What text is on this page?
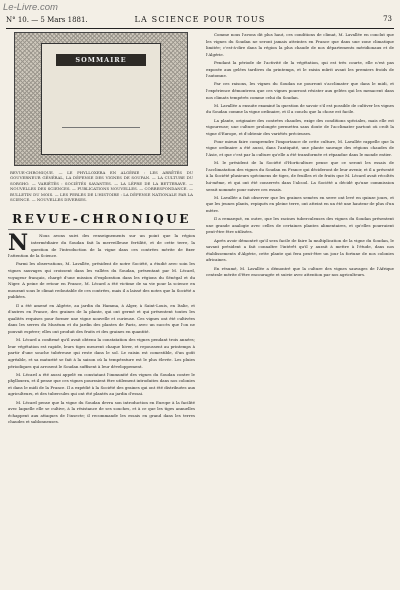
Le-Livre.com
N° 10. — 5 Mars 1881.	LA SCIENCE POUR TOUS	73
SOMMAIRE
REVUE-CHRONIQUE. — LE PHYLLOXERA EN ALGÉRIE : LES ARRÊTÉS DU GOUVERNEUR GÉNÉRAL, LA DÉFENSE DES VIGNES DE SOUFAN. — LA CULTURE DU SORGHO. — VARIÉTÉS : SOCIÉTÉS SAVANTES. — LA LÈPRE DE LA BETTERAVE. — NOUVELLES DES SCIENCES. — PUBLICATIONS NOUVELLES. — CORRESPONDANCE. — BULLETIN DU MOIS. — LES PERLES DE L'HISTOIRE : LA DÉFENSE NATIONALE PAR LA SCIENCE. — NOUVELLES DIVERSES.
REVUE-CHRONIQUE

N	Nous avons suivi des renseignements sur un point que la région intermédiaire du Soudan fait la merveilleuse fertilité, et de cette terre, la question de l'introduction de la vigne dans ces contrées mérite de fixer l'attention de la Science.

Parmi les observations, M. Lavallée, président de notre Société, a étudié avec soin les vignes sauvages qui croissent dans les vallées du Soudan, présentant par M. Lécard, voyageur français, chargé d'une mission d'exploration dans les régions du Sénégal et du Niger. A peine de retour en France, M. Lécard a été victime de sa vie pour la science en mourant sous le climat redoutable de ces contrées, mais il a laissé des notes que la Société a publiées.

Il a été amené en Algérie, au jardin du Hamma, à Alger, à Saint-Louis, en Italie, et d'autres en France, des graines de la plante, qui ont germé et qui présentent toutes les qualités requises pour former une vigne nouvelle et curieuse. Ces vignes ont été cultivées dans les serres du Muséum et du jardin des plantes de Paris, avec un succès que l'on ne pouvait espérer; elles ont produit des fruits et des graines en quantité.

M. Lécard a confirmé qu'il avait obtenu la constatation des vignes pendant trois années; leur végétation est rapide, leurs tiges meurent chaque hiver, et repoussent au printemps à partir d'une souche tubéreuse qui reste dans le sol. Le raisin est comestible, d'un goût agréable, et sa maturité se fait à la saison où la température est le plus élevée. Les pluies périodiques qui arrosent le Soudan suffisent à leur développement.

M. Lécard a été aussi appelé en constatant l'immunité des vignes du Soudan contre le phylloxera, et il pense que ces vignes pourraient être utilement introduites dans nos colonies et dans le midi de la France. Il a expédié à la Société des graines qui ont été distribuées aux agriculteurs, et des tubercules qui ont été plantés au jardin d'essai.

M. Lécard pense que la vigne du Soudan devra son introduction en Europe à la facilité avec laquelle elle se cultive, à la résistance de ses souches, et à ce que les tiges annuelles échappent aux attaques de l'insecte; il recommande les essais en grand dans les terres chaudes et sablonneuses.

Comme nous l'avons dit plus haut, ces conditions de climat, M. Lavallée en conclut que les vignes du Soudan ne seront jamais atteintes en France que dans une zone climatique limitée; c'est-à-dire dans la région la plus chaude de nos départements méridionaux et de l'Algérie.

Pendant la période de l'activité de la végétation, qui est très courte, elle n'est pas exposée aux gelées tardives du printemps, et le raisin mûrit avant les premiers froids de l'automne.

Par ces raisons, les vignes du Soudan ne pourront s'acclimater que dans le midi, et l'expérience démontrera que ces vignes pourront résister aux gelées qui les menacent dans nos climats tempérés comme celui du Soudan.

M. Lavallée a ensuite examiné la question de savoir s'il est possible de cultiver les vignes du Soudan comme la vigne ordinaire, et il a conclu que la chose est facile.

La plante, originaire des contrées chaudes, exige des conditions spéciales, mais elle est vigoureuse; une culture prolongée permettra sans doute de l'acclimater partout où croît la vigne d'Europe, et d'obtenir des variétés précieuses.

Pour mieux faire comprendre l'importance de cette culture, M. Lavallée rappelle que la vigne ordinaire a été aussi, dans l'antiquité, une plante sauvage des régions chaudes de l'Asie, et que c'est par la culture qu'elle a été transformée et répandue dans le monde entier.

M. le président de la Société d'Horticulture pense que ce seront les essais de l'acclimatation des vignes du Soudan en France qui décideront de leur avenir, et il a présenté à la Société plusieurs spécimens de tiges, de feuilles et de fruits que M. Lécard avait récoltés lui-même, et qui ont été conservés dans l'alcool. La Société a décidé qu'une commission serait nommée pour suivre ces essais.

M. Lavallée a fait observer que les graines semées en serre ont levé en quinze jours, et que les jeunes plants, repiqués en pleine terre, ont atteint en un été une hauteur de plus d'un mètre.

Il a remarqué, en outre, que les racines tuberculeuses des vignes du Soudan présentent une grande analogie avec celles de certaines plantes alimentaires, et qu'elles pourraient peut-être être utilisées.

Après avoir démontré qu'il sera facile de faire la multiplication de la vigne du Soudan, le savant président a fait connaître l'intérêt qu'il y aurait à mettre à l'étude, dans nos établissements d'Algérie, cette plante qui fera peut-être un jour la fortune de nos colonies africaines.

En résumé, M. Lavallée a démontré que la culture des vignes sauvages de l'Afrique centrale mérite d'être encouragée et suivie avec attention par nos agriculteurs.
